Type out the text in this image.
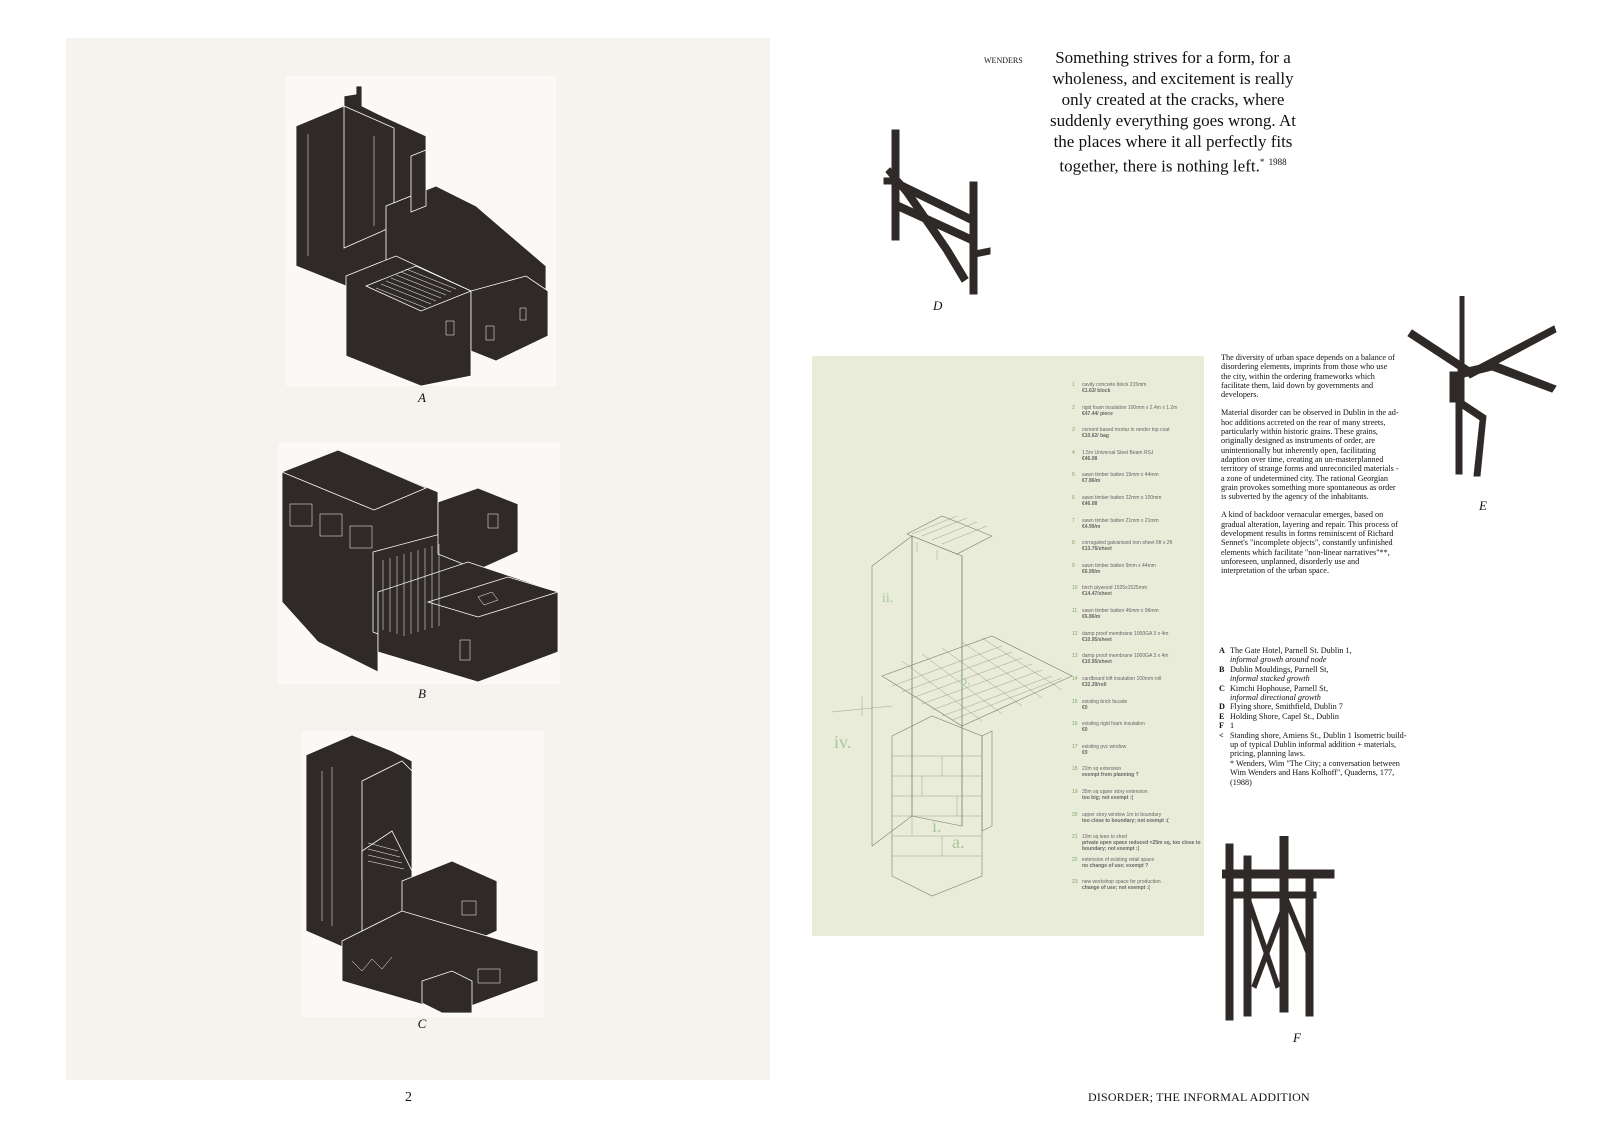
A
B
C
2
WENDERS	Something strives for a form, for a
wholeness, and excitement is really
only created at the cracks, where
suddenly everything goes wrong. At
the places where it all perfectly fits
together, there is nothing left.* $^{1988}$
D
E
iv.
i.
a.
ii.
b.
1 cavity concrete block 215mm
€1.63/ block
2 rigid foam insulation 100mm x 2.4m x 1.2m
€47.44/ piece
3 cement based mortar in render top coat
€10.62/ bag
4 1.5m Universal Steel Beam RSJ
€46.08
5 sawn timber batten 19mm x 44mm
€7.86/m
6 sawn timber batten 22mm x 100mm
€46.08
7 sawn timber batten 21mm x 21mm
€4.99/m
8 corrugated galvanised iron sheet 6ft x 2ft
€13.76/sheet
9 sawn timber batten 9mm x 44mm
€6.99/m
10 birch plywood 1525x1525mm
€14.47/sheet
11 sawn timber batten 46mm x 96mm
€6.86/m
12 damp proof membrane 1000GA 3 x 4m
€10.95/sheet
13 damp proof membrane 1000GA 3 x 4m
€10.95/sheet
14 cardboard loft insulation 100mm roll
€32.39/roll
15 existing brick facade
€0
16 existing rigid foam insulation
€0
17 existing pvc window
€0
18 22m sq extension
exempt from planning ?
19 35m sq upper story extension
too big; not exempt :(
20 upper story window 1m to boundary
too close to boundary; not exempt :(
21 10m sq lean to shed
private open space reduced <25m sq, too close to boundary; not exempt :(
22 extension of existing retail space
no change of use; exempt ?
23 new workshop space for production
change of use; not exempt :(

The diversity of urban space depends on a balance of disordering elements, imprints from those who use the city, within the ordering frameworks which facilitate them, laid down by governments and developers.

Material disorder can be observed in Dublin in the ad-hoc additions accreted on the rear of many streets, particularly within historic grains. These grains, originally designed as instruments of order, are unintentionally but inherently open, facilitating adaption over time, creating an un-masterplanned territory of strange forms and unreconciled materials - a zone of undetermined city. The rational Georgian grain provokes something more spontaneous as order is subverted by the agency of the inhabitants.

A kind of backdoor vernacular emerges, based on gradual alteration, layering and repair. This process of development results in forms reminiscent of Richard Sennet's "incomplete objects", constantly unfinished elements which facilitate "non-linear narratives"**, unforeseen, unplanned, disorderly use and interpretation of the urban space.

A The Gate Hotel, Parnell St. Dublin 1,
informal growth around node
B Dublin Mouldings, Parnell St,
informal stacked growth
C Kimchi Hophouse, Parnell St,
informal directional growth
D Flying shore, Smithfield, Dublin 7
E Holding Shore, Capel St., Dublin
F 1
< Standing shore, Amiens St., Dublin 1 Isometric build-up of typical Dublin informal addition + materials, pricing, planning laws.
* Wenders, Wim "The City; a conversation between Wim Wenders and Hans Kolhoff", Quaderns, 177, (1988)
F
DISORDER; THE INFORMAL ADDITION
